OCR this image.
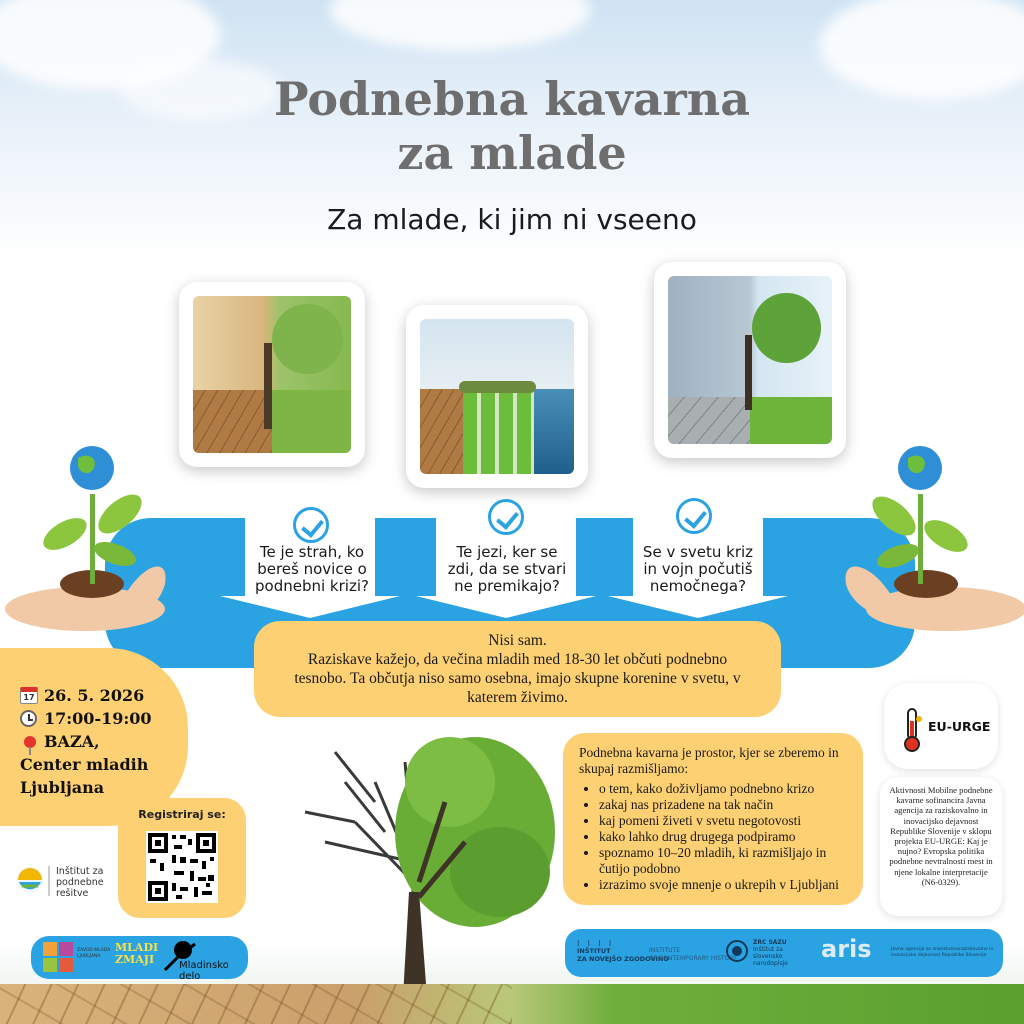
Podnebna kavarna
za mlade
Za mlade, ki jim ni vseeno
Te je strah, ko bereš novice o podnebni krizi?
Te jezi, ker se zdi, da se stvari ne premikajo?
Se v svetu kriz in vojn počutiš nemočnega?
Nisi sam.
Raziskave kažejo, da večina mladih med 18-30 let občuti podnebno tesnobo. Ta občutja niso samo osebna, imajo skupne korenine v svetu, v katerem živimo.
17 26. 5. 2026
17:00-19:00
BAZA,
Center mladih
Ljubljana
Registriraj se:
Podnebna kavarna je prostor, kjer se zberemo in skupaj razmišljamo:
• o tem, kako doživljamo podnebno krizo
• zakaj nas prizadene na tak način
• kaj pomeni živeti v svetu negotovosti
• kako lahko drug drugega podpiramo
• spoznamo 10–20 mladih, ki razmišljajo in čutijo podobno
• izrazimo svoje mnenje o ukrepih v Ljubljani
EU-URGE
Aktivnosti Mobilne podnebne kavarne sofinancira Javna agencija za raziskovalno in inovacijsko dejavnost Republike Slovenije v sklopu projekta EU-URGE: Kaj je nujno? Evropska politika podnebne nevtralnosti mest in njene lokalne interpretacije (N6-0329).
Inštitut za
podnebne
rešitve
ZAVOD MLADA LJUBLJANA
MLADI ZMAJI Mladinsko delo
| | | |
INŠTITUT
ZA NOVEJŠO ZGODOVINO
INSTITUTE
OF CONTEMPORARY HISTORY
ZRC SAZU
Inštitut za slovensko narodopisje
aris	Javna agencija za znanstvenoraziskovalno in inovacijsko dejavnost Republike Slovenije
